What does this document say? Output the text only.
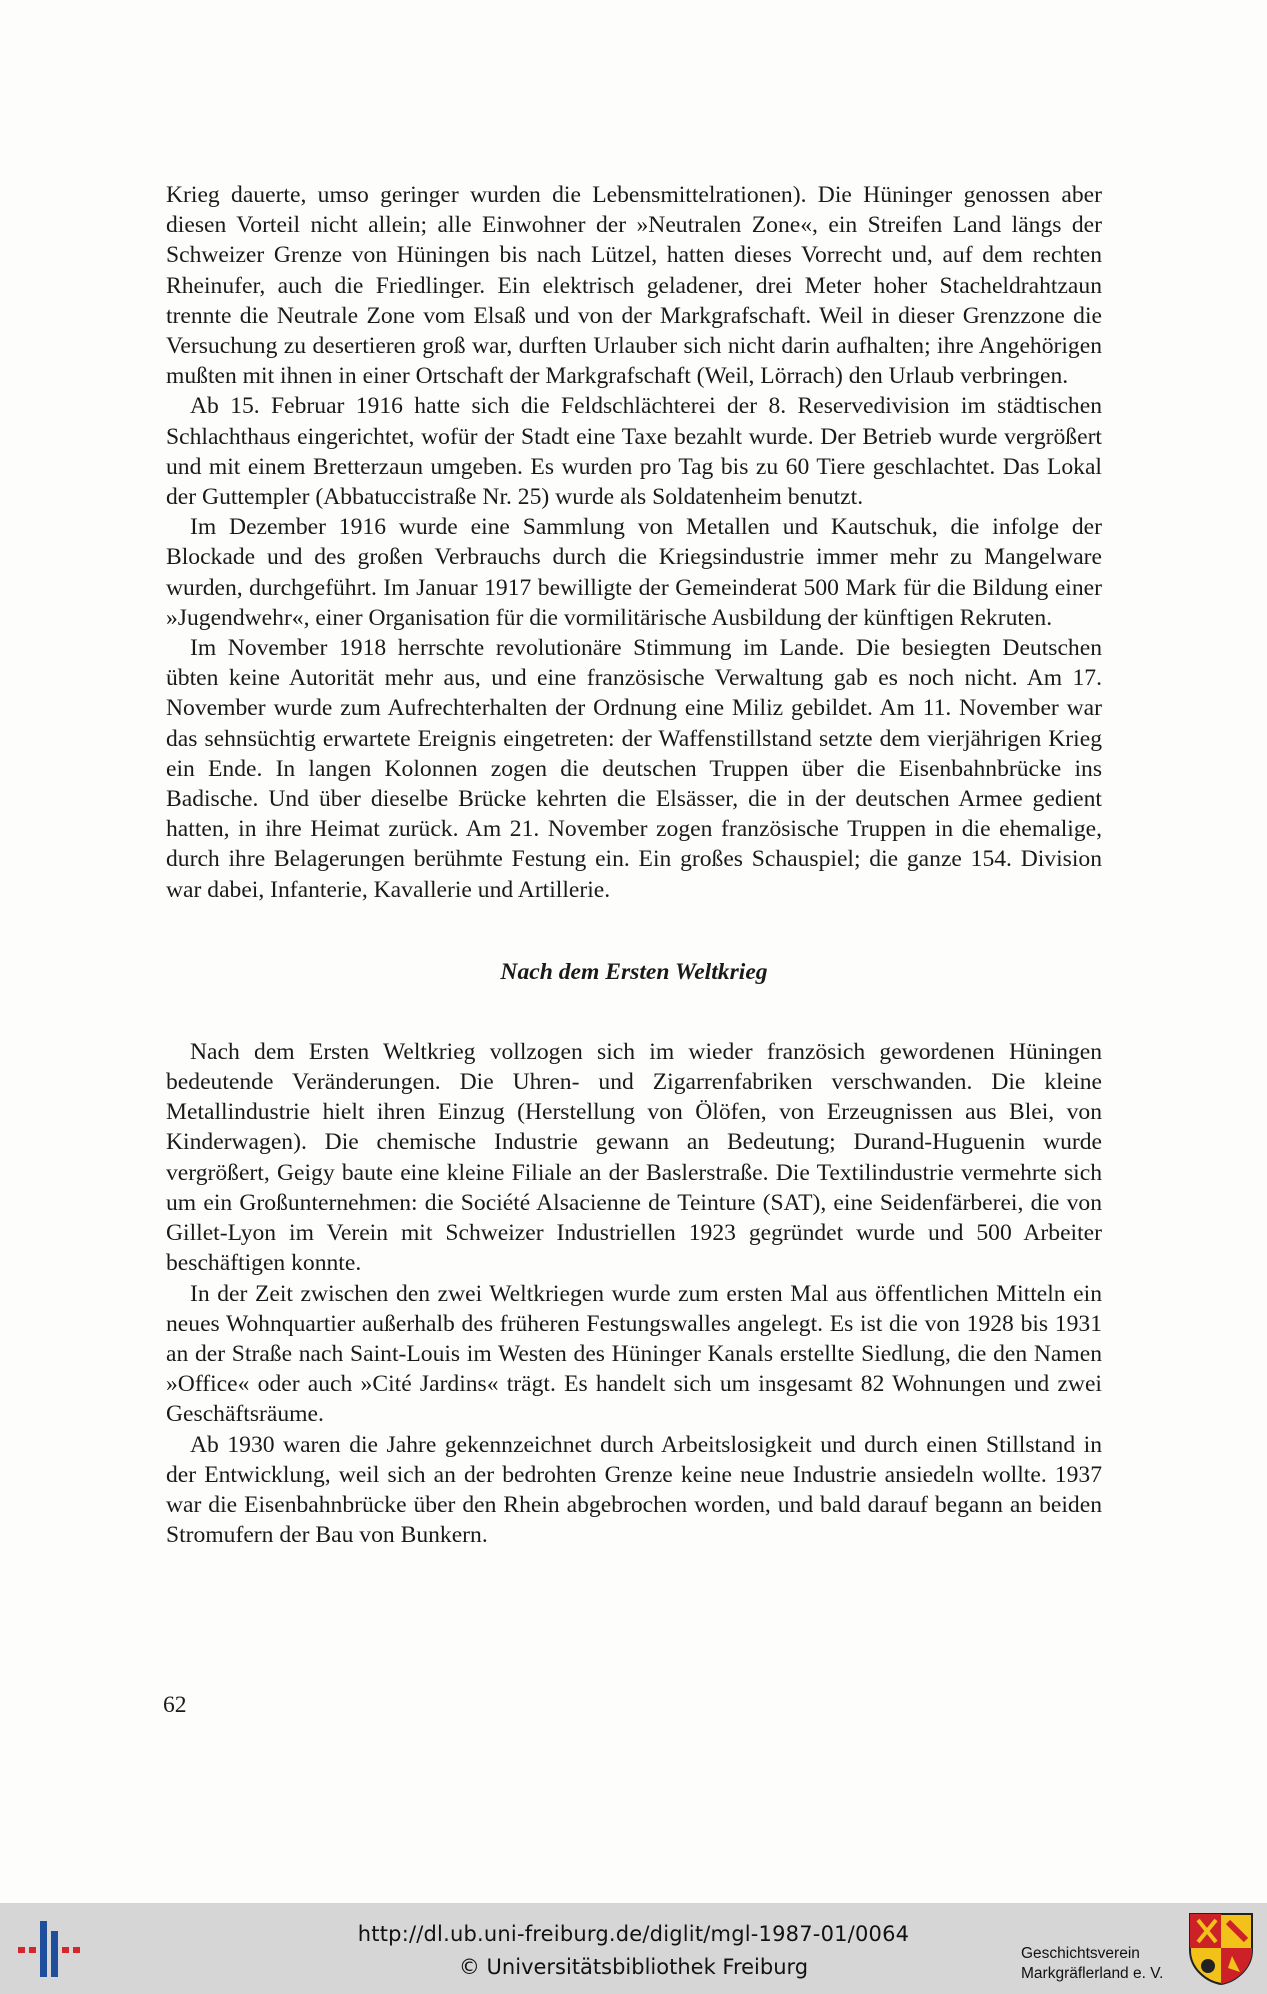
Krieg dauerte, umso geringer wurden die Lebensmittelrationen). Die Hüninger genossen aber diesen Vorteil nicht allein; alle Einwohner der »Neutralen Zone«, ein Streifen Land längs der Schweizer Grenze von Hüningen bis nach Lützel, hatten dieses Vorrecht und, auf dem rechten Rheinufer, auch die Friedlinger. Ein elektrisch geladener, drei Meter hoher Stacheldrahtzaun trennte die Neutrale Zone vom Elsaß und von der Markgrafschaft. Weil in dieser Grenzzone die Versuchung zu desertieren groß war, durften Urlauber sich nicht darin aufhalten; ihre Angehörigen mußten mit ihnen in einer Ortschaft der Markgrafschaft (Weil, Lörrach) den Urlaub verbringen.

Ab 15. Februar 1916 hatte sich die Feldschlächterei der 8. Reservedivision im städtischen Schlachthaus eingerichtet, wofür der Stadt eine Taxe bezahlt wurde. Der Betrieb wurde vergrößert und mit einem Bretterzaun umgeben. Es wurden pro Tag bis zu 60 Tiere geschlachtet. Das Lokal der Guttempler (Abbatuccistraße Nr. 25) wurde als Soldatenheim benutzt.

Im Dezember 1916 wurde eine Sammlung von Metallen und Kautschuk, die infolge der Blockade und des großen Verbrauchs durch die Kriegsindustrie immer mehr zu Mangelware wurden, durchgeführt. Im Januar 1917 bewilligte der Gemeinderat 500 Mark für die Bildung einer »Jugendwehr«, einer Organisation für die vormilitärische Ausbildung der künftigen Rekruten.

Im November 1918 herrschte revolutionäre Stimmung im Lande. Die besiegten Deutschen übten keine Autorität mehr aus, und eine französische Verwaltung gab es noch nicht. Am 17. November wurde zum Aufrechterhalten der Ordnung eine Miliz gebildet. Am 11. November war das sehnsüchtig erwartete Ereignis eingetreten: der Waffenstillstand setzte dem vierjährigen Krieg ein Ende. In langen Kolonnen zogen die deutschen Truppen über die Eisenbahnbrücke ins Badische. Und über dieselbe Brücke kehrten die Elsässer, die in der deutschen Armee gedient hatten, in ihre Heimat zurück. Am 21. November zogen französische Truppen in die ehemalige, durch ihre Belagerungen berühmte Festung ein. Ein großes Schauspiel; die ganze 154. Division war dabei, Infanterie, Kavallerie und Artillerie.

Nach dem Ersten Weltkrieg

Nach dem Ersten Weltkrieg vollzogen sich im wieder französich gewordenen Hüningen bedeutende Veränderungen. Die Uhren- und Zigarrenfabriken verschwanden. Die kleine Metallindustrie hielt ihren Einzug (Herstellung von Ölöfen, von Erzeugnissen aus Blei, von Kinderwagen). Die chemische Industrie gewann an Bedeutung; Durand-Huguenin wurde vergrößert, Geigy baute eine kleine Filiale an der Baslerstraße. Die Textilindustrie vermehrte sich um ein Großunternehmen: die Société Alsacienne de Teinture (SAT), eine Seidenfärberei, die von Gillet-Lyon im Verein mit Schweizer Industriellen 1923 gegründet wurde und 500 Arbeiter beschäftigen konnte.

In der Zeit zwischen den zwei Weltkriegen wurde zum ersten Mal aus öffentlichen Mitteln ein neues Wohnquartier außerhalb des früheren Festungswalles angelegt. Es ist die von 1928 bis 1931 an der Straße nach Saint-Louis im Westen des Hüninger Kanals erstellte Siedlung, die den Namen »Office« oder auch »Cité Jardins« trägt. Es handelt sich um insgesamt 82 Wohnungen und zwei Geschäftsräume.

Ab 1930 waren die Jahre gekennzeichnet durch Arbeitslosigkeit und durch einen Stillstand in der Entwicklung, weil sich an der bedrohten Grenze keine neue Industrie ansiedeln wollte. 1937 war die Eisenbahnbrücke über den Rhein abgebrochen worden, und bald darauf begann an beiden Stromufern der Bau von Bunkern.

62
http://dl.ub.uni-freiburg.de/diglit/mgl-1987-01/0064
© Universitätsbibliothek Freiburg
Geschichtsverein
Markgräflerland e. V.
